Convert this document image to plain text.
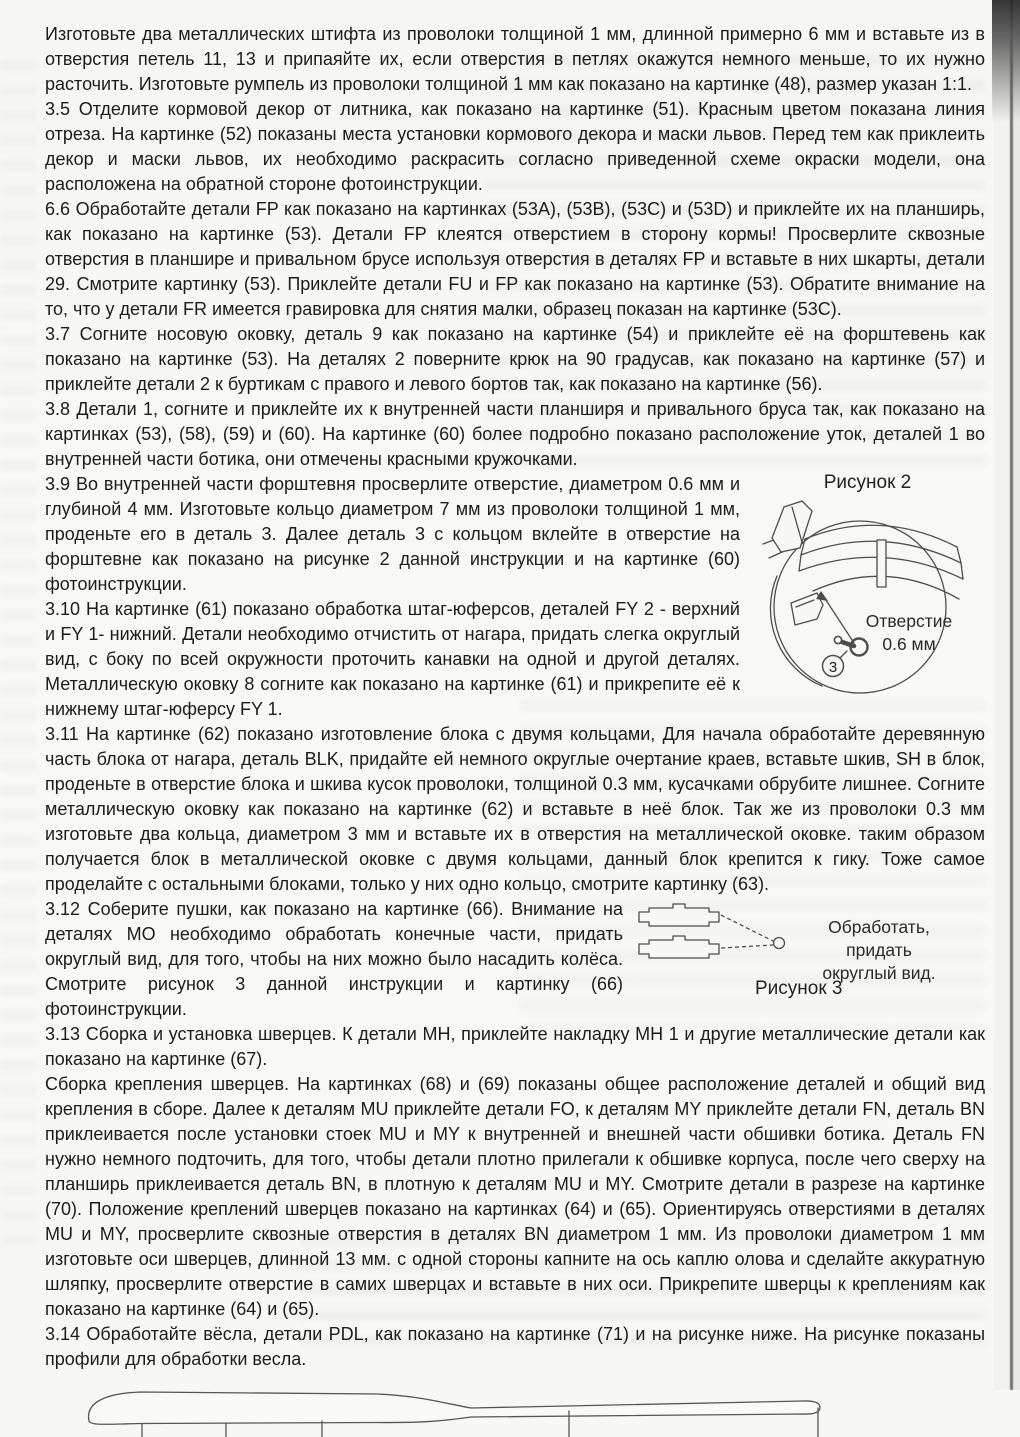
Изготовьте два металлических штифта из проволоки толщиной 1 мм, длинной примерно 6 мм и вставьте из в отверстия петель 11, 13 и припаяйте их, если отверстия в петлях окажутся немного меньше, то их нужно расточить. Изготовьте румпель из проволоки толщиной 1 мм как показано на картинке (48), размер указан 1:1.

3.5 Отделите кормовой декор от литника, как показано на картинке (51). Красным цветом показана линия отреза. На картинке (52) показаны места установки кормового декора и маски львов. Перед тем как приклеить декор и маски львов, их необходимо раскрасить согласно приведенной схеме окраски модели, она расположена на обратной стороне фотоинструкции.

6.6 Обработайте детали FP как показано на картинках (53A), (53B), (53C) и (53D) и приклейте их на планширь, как показано на картинке (53). Детали FP клеятся отверстием в сторону кормы! Просверлите сквозные отверстия в планшире и привальном брусе используя отверстия в деталях FP и вставьте в них шкарты, детали 29. Смотрите картинку (53). Приклейте детали FU и FP как показано на картинке (53). Обратите внимание на то, что у детали FR имеется гравировка для снятия малки, образец показан на картинке (53C).

3.7 Согните носовую оковку, деталь 9 как показано на картинке (54) и приклейте её на форштевень как показано на картинке (53). На деталях 2 поверните крюк на 90 градусав, как показано на картинке (57) и приклейте детали 2 к буртикам с правого и левого бортов так, как показано на картинке (56).

3.8 Детали 1, согните и приклейте их к внутренней части планширя и привального бруса так, как показано на картинках (53), (58), (59) и (60). На картинке (60) более подробно показано расположение уток, деталей 1 во внутренней части ботика, они отмечены красными кружочками.

Рисунок 2
3
Отверстие
0.6 мм

3.9 Во внутренней части форштевня просверлите отверстие, диаметром 0.6 мм и глубиной 4 мм. Изготовьте кольцо диаметром 7 мм из проволоки толщиной 1 мм, проденьте его в деталь 3. Далее деталь 3 с кольцом вклейте в отверстие на форштевне как показано на рисунке 2 данной инструкции и на картинке (60) фотоинструкции.

3.10 На картинке (61) показано обработка штаг-юферсов, деталей FY 2 - верхний и FY 1- нижний. Детали необходимо отчистить от нагара, придать слегка округлый вид, с боку по всей окружности проточить канавки на одной и другой деталях. Металлическую оковку 8 согните как показано на картинке (61) и прикрепите её к нижнему штаг-юферсу FY 1.

3.11 На картинке (62) показано изготовление блока с двумя кольцами, Для начала обработайте деревянную часть блока от нагара, деталь BLK, придайте ей немного округлые очертание краев, вставьте шкив, SH в блок, проденьте в отверстие блока и шкива кусок проволоки, толщиной 0.3 мм, кусачками обрубите лишнее. Согните металлическую оковку как показано на картинке (62) и вставьте в неё блок. Так же из проволоки 0.3 мм изготовьте два кольца, диаметром 3 мм и вставьте их в отверстия на металлической оковке. таким образом получается блок в металлической оковке с двумя кольцами, данный блок крепится к гику. Тоже самое проделайте с остальными блоками, только у них одно кольцо, смотрите картинку (63).

Обработать, придать
округлый вид.
Рисунок 3

3.12 Соберите пушки, как показано на картинке (66). Внимание на деталях MO необходимо обработать конечные части, придать округлый вид, для того, чтобы на них можно было насадить колёса. Смотрите рисунок 3 данной инструкции и картинку (66) фотоинструкции.

3.13 Сборка и установка шверцев. К детали MH, приклейте накладку MH 1 и другие металлические детали как показано на картинке (67).

Сборка крепления шверцев. На картинках (68) и (69) показаны общее расположение деталей и общий вид крепления в сборе. Далее к деталям MU приклейте детали FO, к деталям MY приклейте детали FN, деталь BN приклеивается после установки стоек MU и MY к внутренней и внешней части обшивки ботика. Деталь FN нужно немного подточить, для того, чтобы детали плотно прилегали к обшивке корпуса, после чего сверху на планширь приклеивается деталь BN, в плотную к деталям MU и MY. Смотрите детали в разрезе на картинке (70). Положение креплений шверцев показано на картинках (64) и (65). Ориентируясь отверстиями в деталях MU и MY, просверлите сквозные отверстия в деталях BN диаметром 1 мм. Из проволоки диаметром 1 мм изготовьте оси шверцев, длинной 13 мм. с одной стороны капните на ось каплю олова и сделайте аккуратную шляпку, просверлите отверстие в самих шверцах и вставьте в них оси. Прикрепите шверцы к креплениям как показано на картинке (64) и (65).

3.14 Обработайте вёсла, детали PDL, как показано на картинке (71) и на рисунке ниже. На рисунке показаны профили для обработки весла.
